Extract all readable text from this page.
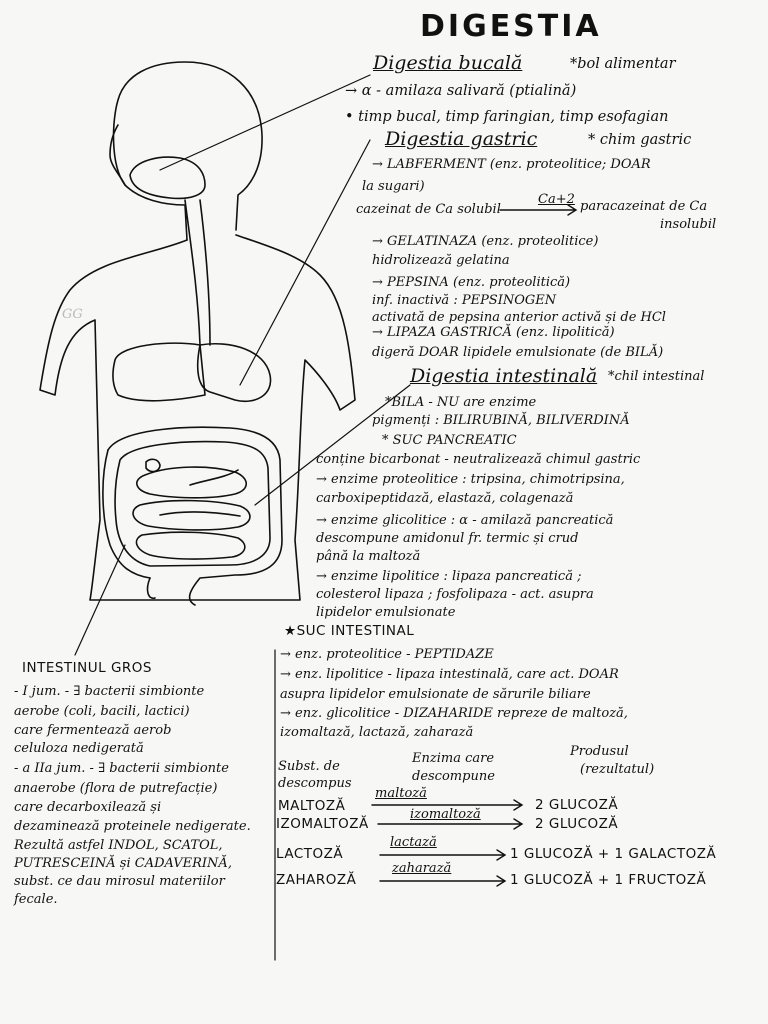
DIGESTIA
Digestia bucală	*bol alimentar
→ α - amilaza salivară (ptialină)
• timp bucal, timp faringian, timp esofagian
Digestia gastric	* chim gastric
→ LABFERMENT (enz. proteolitice; DOAR
la sugari)
cazeinat de Ca solubil
Ca+2 paracazeinat de Ca
insolubil
→ GELATINAZA (enz. proteolitice)
hidrolizează gelatina
→ PEPSINA (enz. proteolitică)
inf. inactivă : PEPSINOGEN
activată de pepsina anterior activă și de HCl
→ LIPAZA GASTRICĂ (enz. lipolitică)
digeră DOAR lipidele emulsionate (de BILĂ)
Digestia intestinală *chil intestinal
*BILA - NU are enzime
pigmenți : BILIRUBINĂ, BILIVERDINĂ
* SUC PANCREATIC
conține bicarbonat - neutralizează chimul gastric
→ enzime proteolitice : tripsina, chimotripsina,
carboxipeptidază, elastază, colagenază
→ enzime glicolitice : α - amilază pancreatică
descompune amidonul fr. termic și crud
până la maltoză
→ enzime lipolitice : lipaza pancreatică ;
colesterol lipaza ; fosfolipaza - act. asupra
lipidelor emulsionate
★SUC INTESTINAL
→ enz. proteolitice - PEPTIDAZE
→ enz. lipolitice - lipaza intestinală, care act. DOAR
asupra lipidelor emulsionate de sărurile biliare
→ enz. glicolitice - DIZAHARIDE repreze de maltoză,
izomaltază, lactază, zaharază
Subst. de
descompus
Enzima care
descompune
Produsul
(rezultatul)
MALTOZĂ
maltoză
2 GLUCOZĂ
IZOMALTOZĂ
izomaltoză
2 GLUCOZĂ
LACTOZĂ
lactază
1 GLUCOZĂ + 1 GALACTOZĂ
ZAHAROZĂ
zaharază
1 GLUCOZĂ + 1 FRUCTOZĂ
INTESTINUL GROS
- I jum. - ∃ bacterii simbionte
aerobe (coli, bacili, lactici)
care fermentează aerob
celuloza nedigerată
- a IIa jum. - ∃ bacterii simbionte
anaerobe (flora de putrefacție)
care decarboxilează și
dezaminează proteinele nedigerate.
Rezultă astfel INDOL, SCATOL,
PUTRESCEINĂ și CADAVERINĂ,
subst. ce dau mirosul materiilor
fecale.
GG
